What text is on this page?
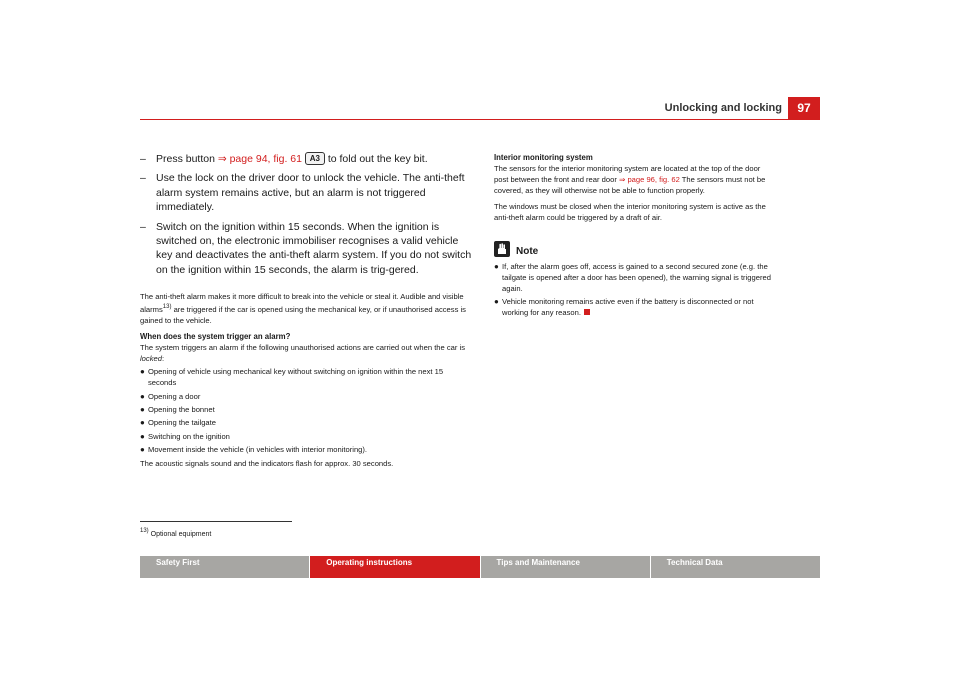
Unlocking and locking	97
– Press button ⇒ page 94, fig. 61 A3 to fold out the key bit.
– Use the lock on the driver door to unlock the vehicle. The anti-theft alarm system remains active, but an alarm is not triggered immediately.
– Switch on the ignition within 15 seconds. When the ignition is switched on, the electronic immobiliser recognises a valid vehicle key and deactivates the anti-theft alarm system. If you do not switch on the ignition within 15 seconds, the alarm is trig-gered.

The anti-theft alarm makes it more difficult to break into the vehicle or steal it. Audible and visible alarms$^{13)}$ are triggered if the car is opened using the mechanical key, or if unauthorised access is gained to the vehicle.

When does the system trigger an alarm?

The system triggers an alarm if the following unauthorised actions are carried out when the car is locked:

● Opening of vehicle using mechanical key without switching on ignition within the next 15 seconds
● Opening a door
● Opening the bonnet
● Opening the tailgate
● Switching on the ignition
● Movement inside the vehicle (in vehicles with interior monitoring).

The acoustic signals sound and the indicators flash for approx. 30 seconds.

Interior monitoring system

The sensors for the interior monitoring system are located at the top of the door post between the front and rear door ⇒ page 96, fig. 62 The sensors must not be covered, as they will otherwise not be able to function properly.

The windows must be closed when the interior monitoring system is active as the anti-theft alarm could be triggered by a draft of air.

Note
● If, after the alarm goes off, access is gained to a second secured zone (e.g. the tailgate is opened after a door has been opened), the warning signal is triggered again.
● Vehicle monitoring remains active even if the battery is disconnected or not working for any reason.
13) Optional equipment
Safety First	Operating instructions	Tips and Maintenance	Technical Data
